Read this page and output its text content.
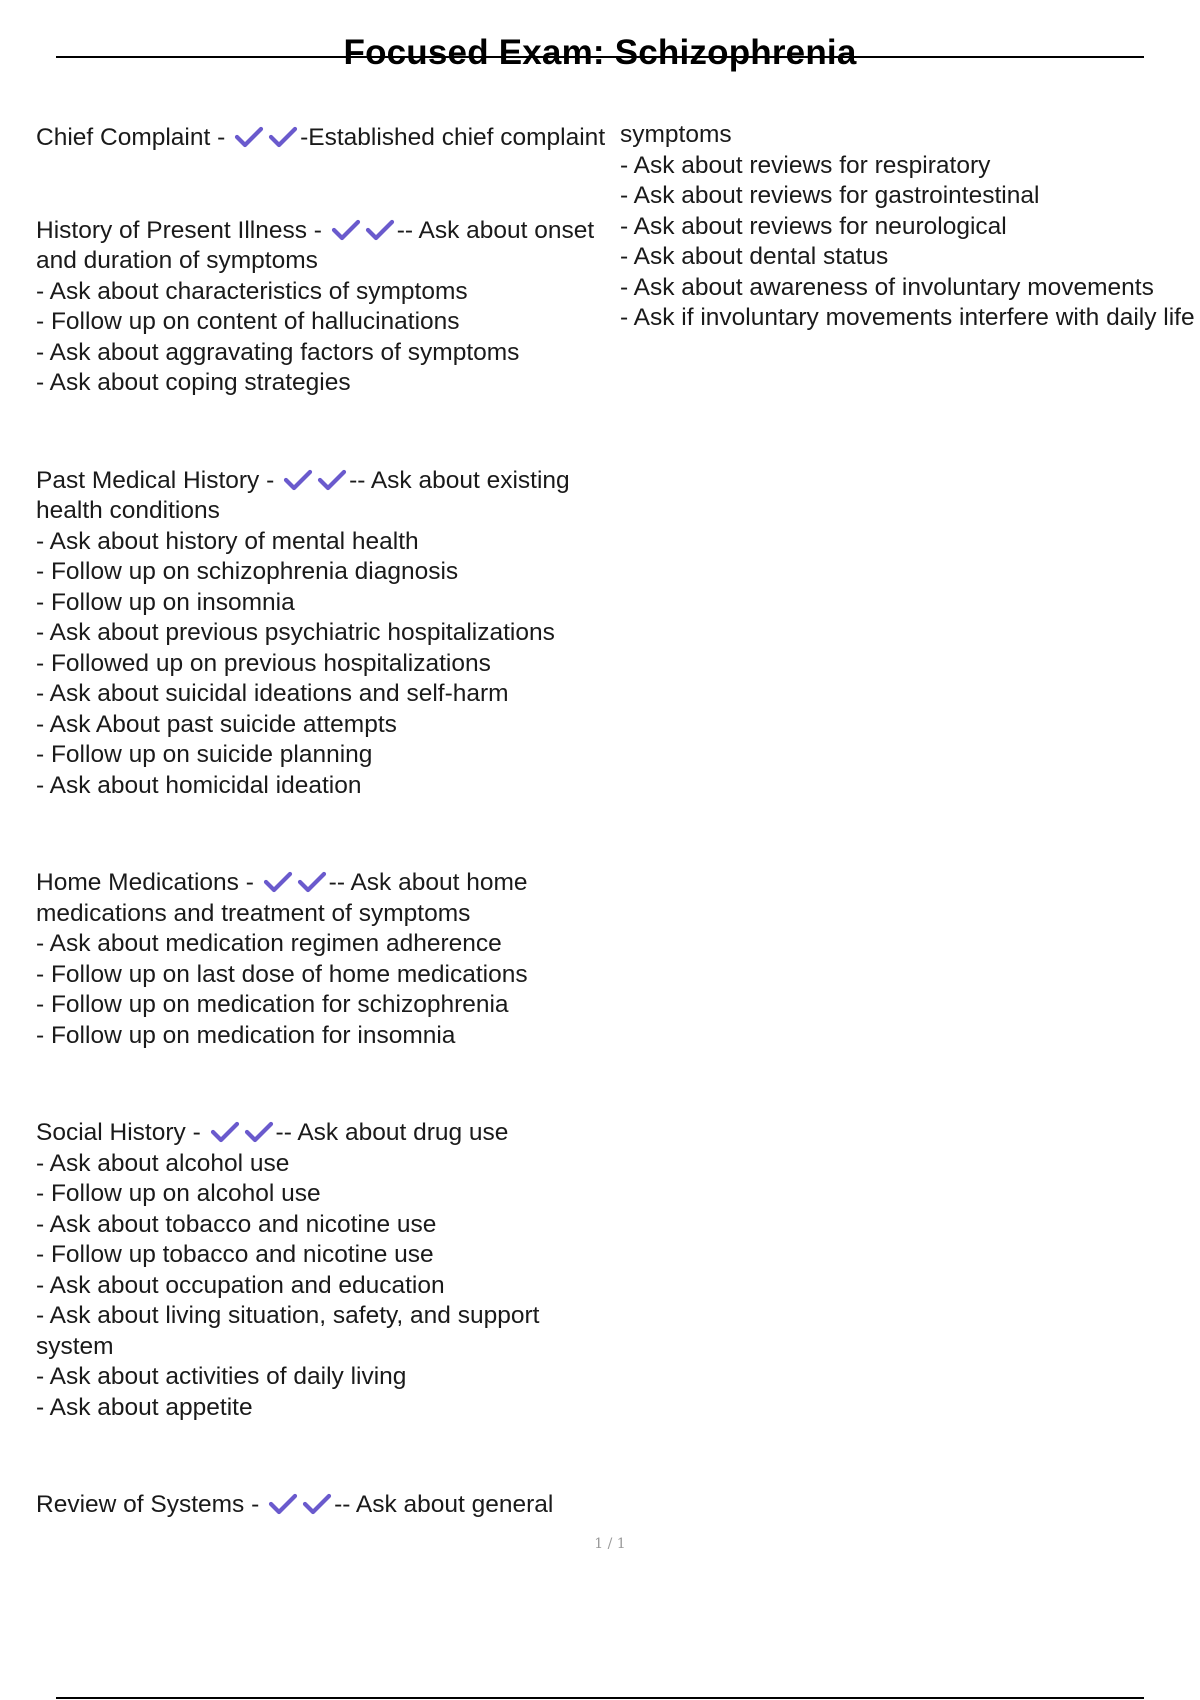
Focused Exam: Schizophrenia
Chief Complaint -	-Established chief complaint
History of Present Illness -	-- Ask about onset and duration of symptoms
- Ask about characteristics of symptoms
- Follow up on content of hallucinations
- Ask about aggravating factors of symptoms
- Ask about coping strategies
Past Medical History -	-- Ask about existing health conditions
- Ask about history of mental health
- Follow up on schizophrenia diagnosis
- Follow up on insomnia
- Ask about previous psychiatric hospitalizations
- Followed up on previous hospitalizations
- Ask about suicidal ideations and self-harm
- Ask About past suicide attempts
- Follow up on suicide planning
- Ask about homicidal ideation
Home Medications -	-- Ask about home medications and treatment of symptoms
- Ask about medication regimen adherence
- Follow up on last dose of home medications
- Follow up on medication for schizophrenia
- Follow up on medication for insomnia
Social History -	-- Ask about drug use
- Ask about alcohol use
- Follow up on alcohol use
- Ask about tobacco and nicotine use
- Follow up tobacco and nicotine use
- Ask about occupation and education
- Ask about living situation, safety, and support system
- Ask about activities of daily living
- Ask about appetite
Review of Systems -	-- Ask about general
symptoms
- Ask about reviews for respiratory
- Ask about reviews for gastrointestinal
- Ask about reviews for neurological
- Ask about dental status
- Ask about awareness of involuntary movements
- Ask if involuntary movements interfere with daily life
1 / 1
